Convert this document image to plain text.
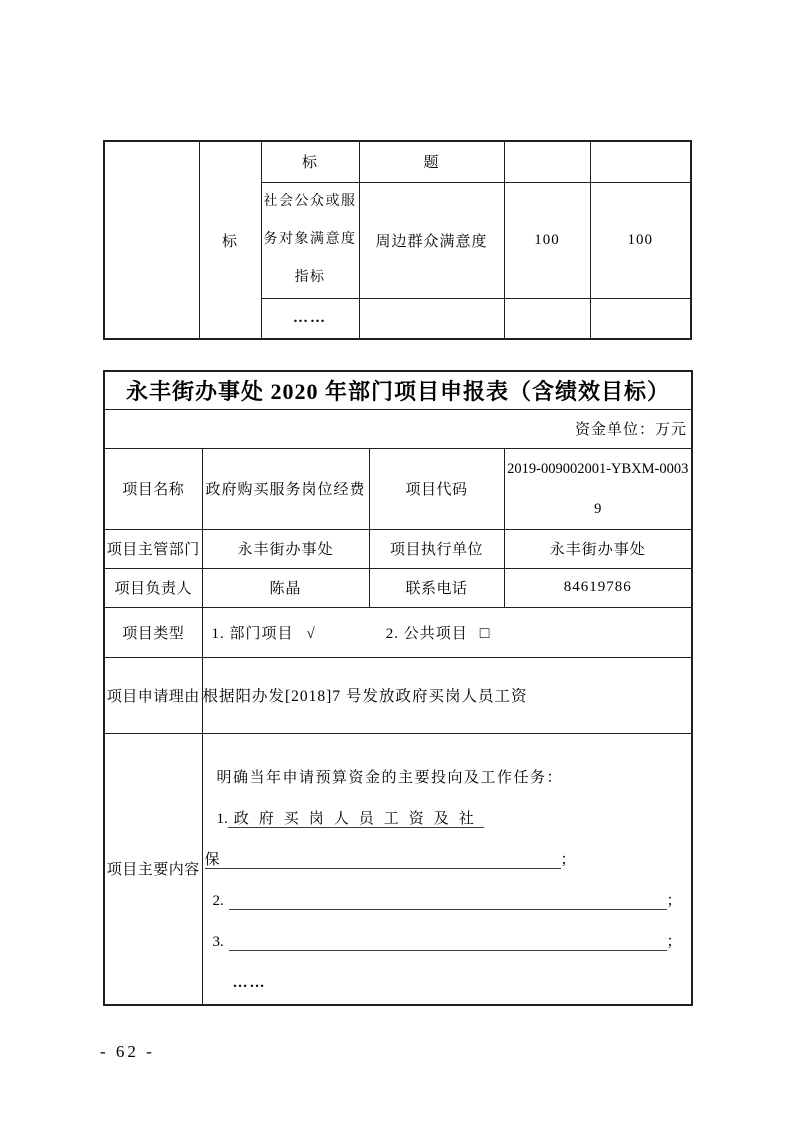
	标	标	题		
		社会公众或服务对象满意度指标	周边群众满意度	100	100
		……			
永丰街办事处 2020 年部门项目申报表（含绩效目标）			
资金单位：万元			
项目名称	政府购买服务岗位经费	项目代码	2019-009002001-YBXM-00039
项目主管部门	永丰街办事处	项目执行单位	永丰街办事处
项目负责人	陈晶	联系电话	84619786
项目类型	1. 部门项目 √ 2. 公共项目 □		
项目申请理由	根据阳办发[2018]7 号发放政府买岗人员工资		
项目主要内容	
明确当年申请预算资金的主要投向及工作任务：
1. 政府买岗人员工资及社
保	；
2.	；
3.	；
……
- 62 -
